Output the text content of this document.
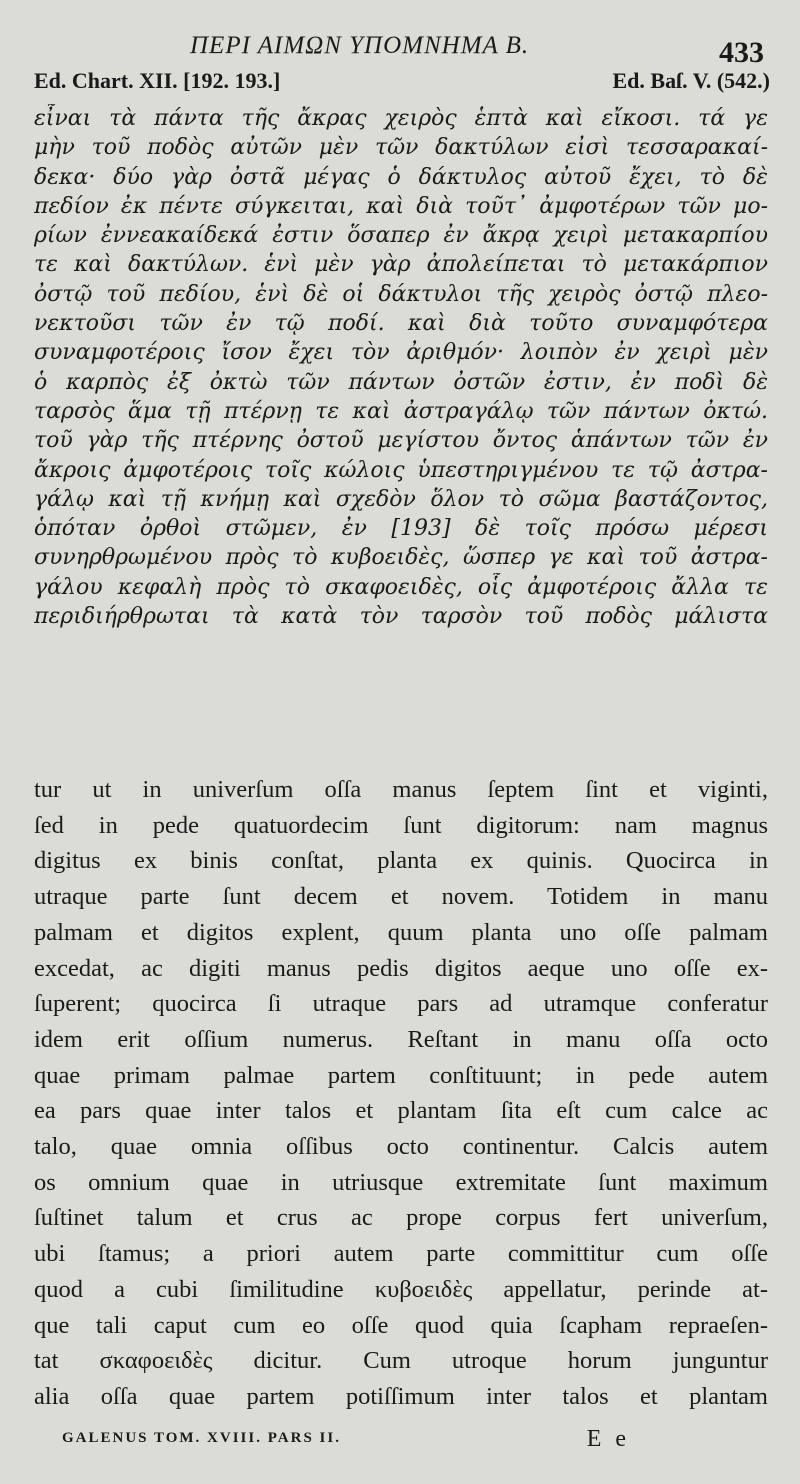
ΠΕΡΙ ΑΙΜΩΝ ΥΠΟΜΝΗΜΑ Β.	433
Ed. Chart. XII. [192. 193.]	Ed. Baſ. V. (542.)
εἶναι τὰ πάντα τῆς ἄκρας χειρὸς ἑπτὰ καὶ εἴκοσι. τά γε
μὴν τοῦ ποδὸς αὐτῶν μὲν τῶν δακτύλων εἰσὶ τεσσαρακαί-
δεκα· δύο γὰρ ὀστᾶ μέγας ὁ δάκτυλος αὐτοῦ ἔχει, τὸ δὲ
πεδίον ἐκ πέντε σύγκειται, καὶ διὰ τοῦτ᾽ ἀμφοτέρων τῶν μο-
ρίων ἐννεακαίδεκά ἐστιν ὅσαπερ ἐν ἄκρᾳ χειρὶ μετακαρπίου
τε καὶ δακτύλων. ἑνὶ μὲν γὰρ ἀπολείπεται τὸ μετακάρπιον
ὀστῷ τοῦ πεδίου, ἑνὶ δὲ οἱ δάκτυλοι τῆς χειρὸς ὀστῷ πλεο-
νεκτοῦσι τῶν ἐν τῷ ποδί. καὶ διὰ τοῦτο συναμφότερα
συναμφοτέροις ἴσον ἔχει τὸν ἀριθμόν· λοιπὸν ἐν χειρὶ μὲν
ὁ καρπὸς ἐξ ὀκτὼ τῶν πάντων ὀστῶν ἐστιν, ἐν ποδὶ δὲ
ταρσὸς ἅμα τῇ πτέρνῃ τε καὶ ἀστραγάλῳ τῶν πάντων ὀκτώ.
τοῦ γὰρ τῆς πτέρνης ὀστοῦ μεγίστου ὄντος ἁπάντων τῶν ἐν
ἄκροις ἀμφοτέροις τοῖς κώλοις ὑπεστηριγμένου τε τῷ ἀστρα-
γάλῳ καὶ τῇ κνήμῃ καὶ σχεδὸν ὅλον τὸ σῶμα βαστάζοντος,
ὁπόταν ὀρθοὶ στῶμεν, ἐν [193] δὲ τοῖς πρόσω μέρεσι
συνηρθρωμένου πρὸς τὸ κυβοειδὲς, ὥσπερ γε καὶ τοῦ ἀστρα-
γάλου κεφαλὴ πρὸς τὸ σκαφοειδὲς, οἷς ἀμφοτέροις ἄλλα τε
περιδιήρθρωται τὰ κατὰ τὸν ταρσὸν τοῦ ποδὸς μάλιστα
tur ut in univerſum oſſa manus ſeptem ſint et viginti,
ſed in pede quatuordecim ſunt digitorum: nam magnus
digitus ex binis conſtat, planta ex quinis. Quocirca in
utraque parte ſunt decem et novem. Totidem in manu
palmam et digitos explent, quum planta uno oſſe palmam
excedat, ac digiti manus pedis digitos aeque uno oſſe ex-
ſuperent; quocirca ſi utraque pars ad utramque conferatur
idem erit oſſium numerus. Reſtant in manu oſſa octo
quae primam palmae partem conſtituunt; in pede autem
ea pars quae inter talos et plantam ſita eſt cum calce ac
talo, quae omnia oſſibus octo continentur. Calcis autem
os omnium quae in utriusque extremitate ſunt maximum
ſuſtinet talum et crus ac prope corpus fert univerſum,
ubi ſtamus; a priori autem parte committitur cum oſſe
quod a cubi ſimilitudine κυβοειδὲς appellatur, perinde at-
que tali caput cum eo oſſe quod quia ſcapham repraeſen-
tat σκαφοειδὲς dicitur. Cum utroque horum junguntur
alia oſſa quae partem potiſſimum inter talos et plantam
GALENUS TOM. XVIII. PARS II.	E e
